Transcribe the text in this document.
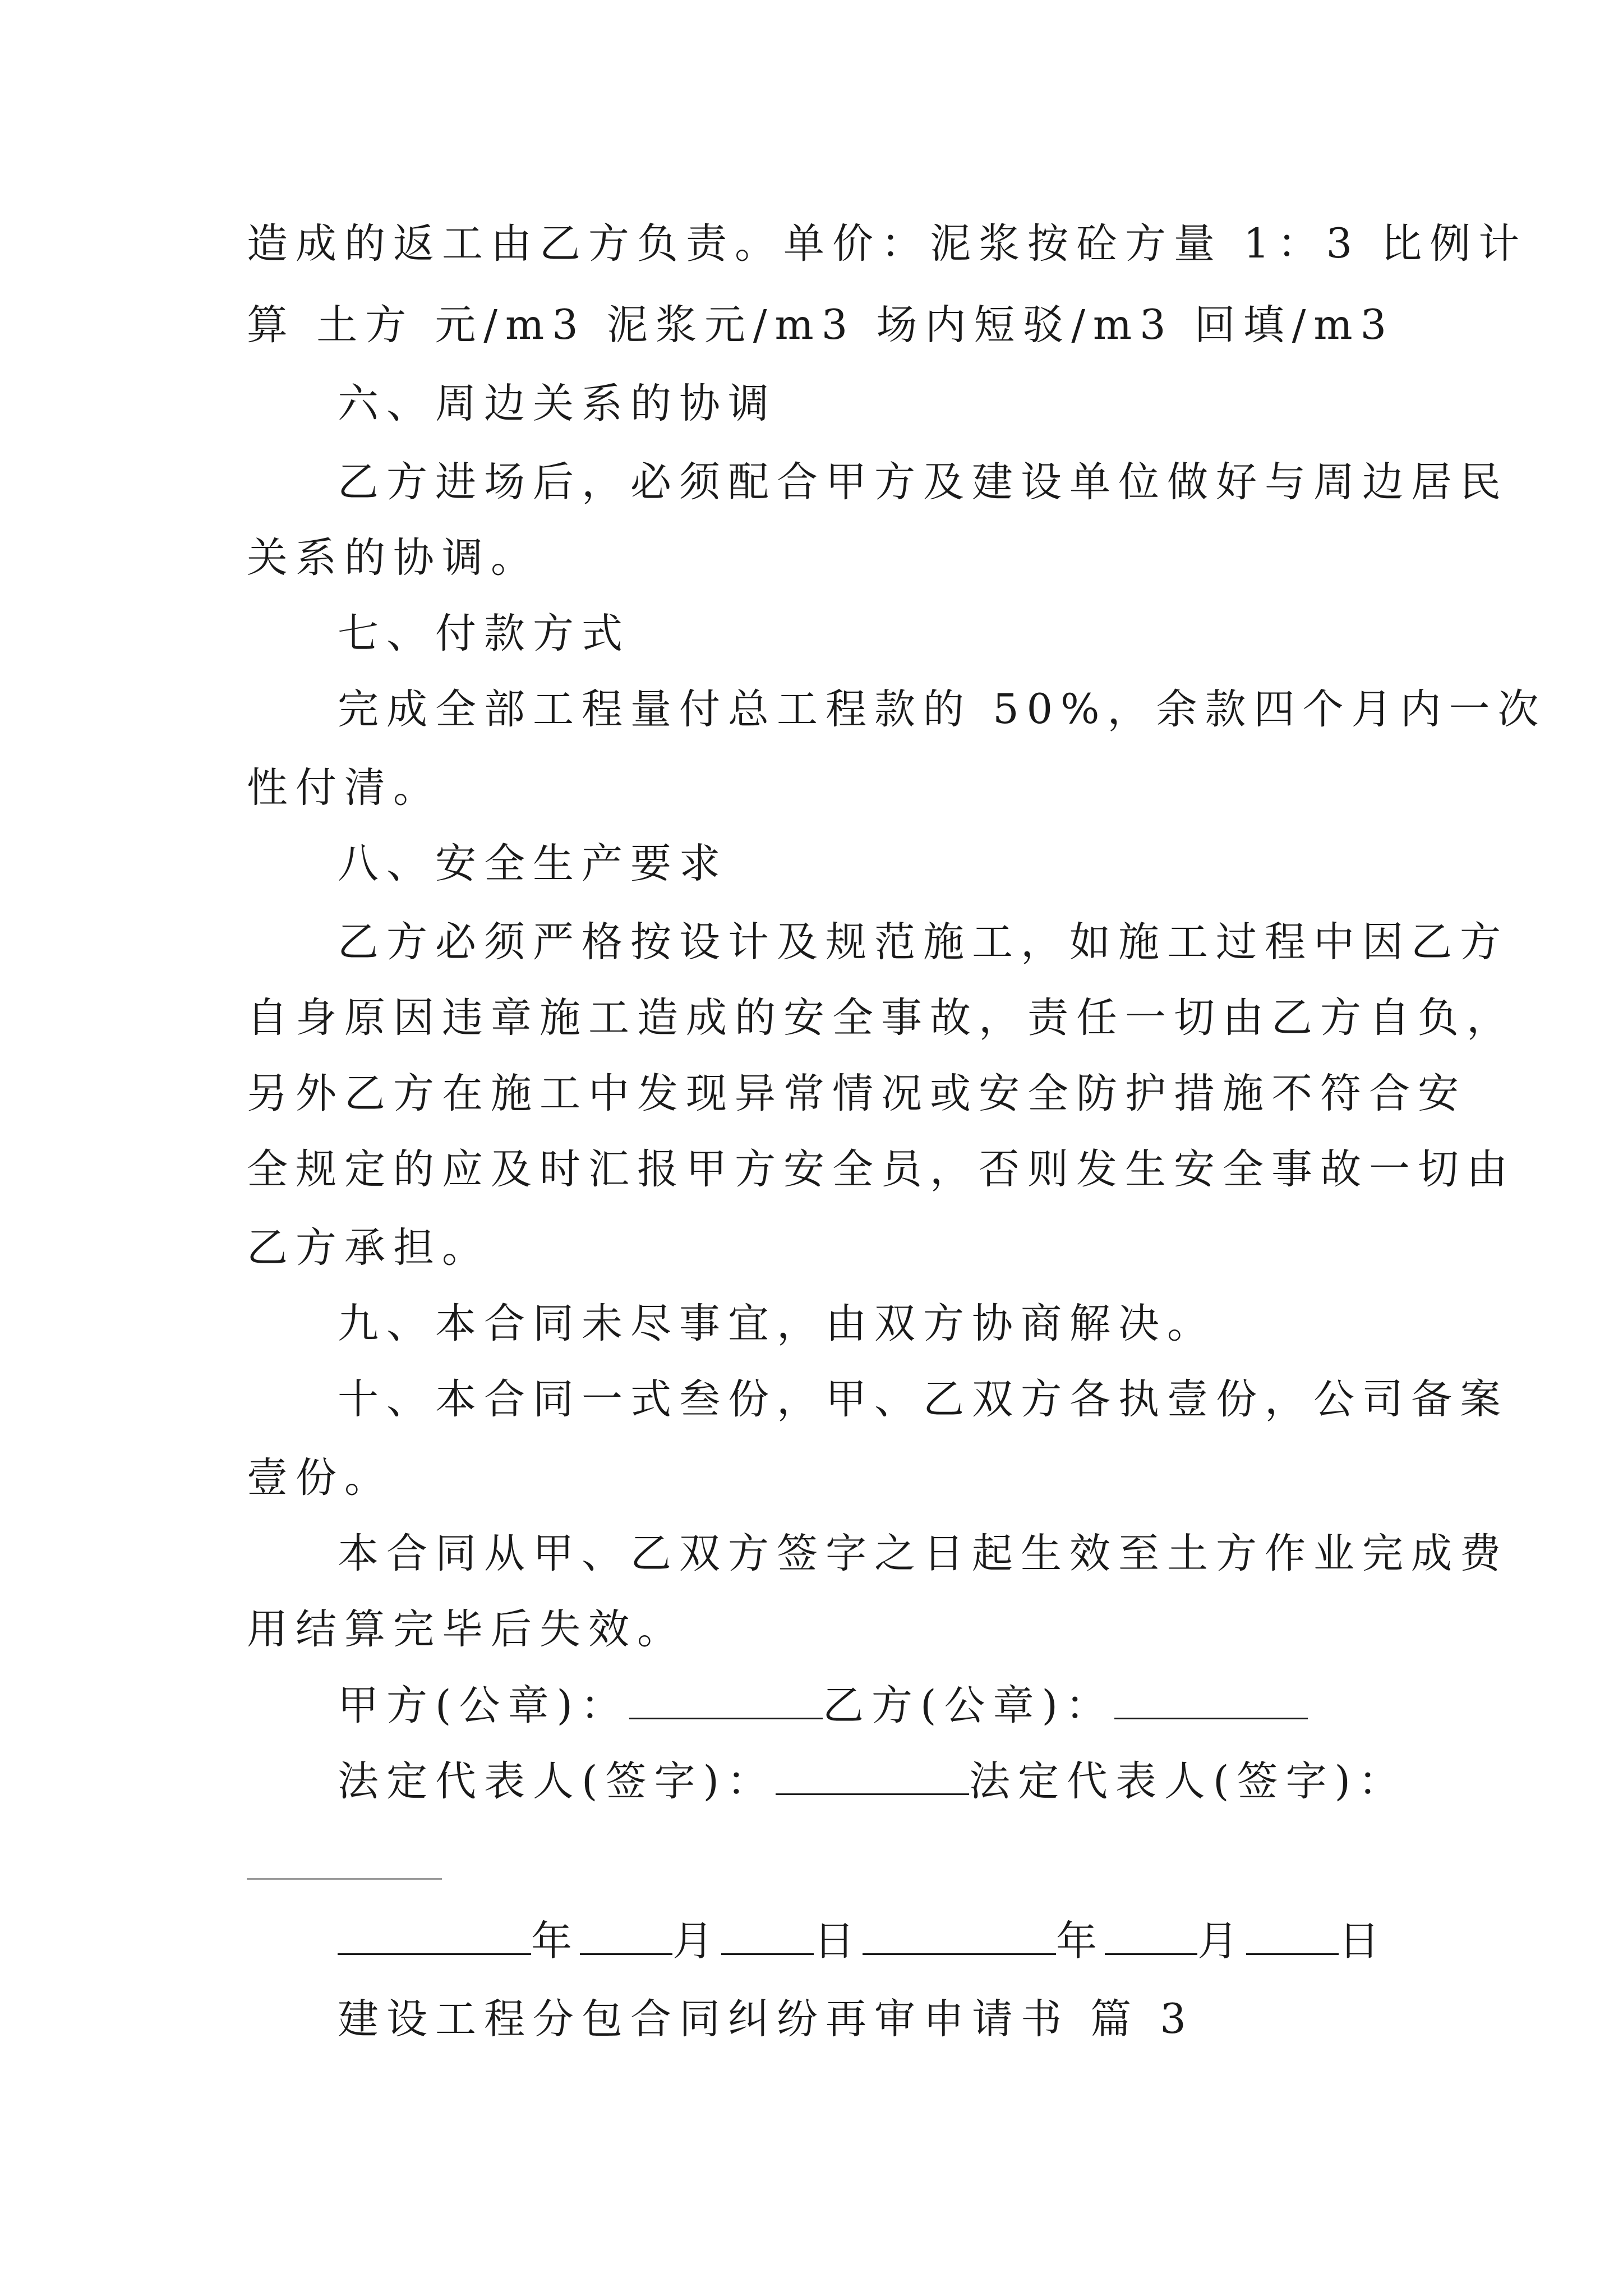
造成的返工由乙方负责。单价：泥浆按砼方量 1：3 比例计
算 土方 元/m3 泥浆元/m3 场内短驳/m3 回填/m3
六、周边关系的协调
乙方进场后，必须配合甲方及建设单位做好与周边居民
关系的协调。
七、付款方式
完成全部工程量付总工程款的 50%，余款四个月内一次
性付清。
八、安全生产要求
乙方必须严格按设计及规范施工，如施工过程中因乙方
自身原因违章施工造成的安全事故，责任一切由乙方自负，
另外乙方在施工中发现异常情况或安全防护措施不符合安
全规定的应及时汇报甲方安全员，否则发生安全事故一切由
乙方承担。
九、本合同未尽事宜，由双方协商解决。
十、本合同一式叁份，甲、乙双方各执壹份，公司备案
壹份。
本合同从甲、乙双方签字之日起生效至土方作业完成费
用结算完毕后失效。
甲方(公章)：	乙方(公章)：
法定代表人(签字)：	法定代表人(签字)：
年 月 日	年 月 日
建设工程分包合同纠纷再审申请书 篇 3
